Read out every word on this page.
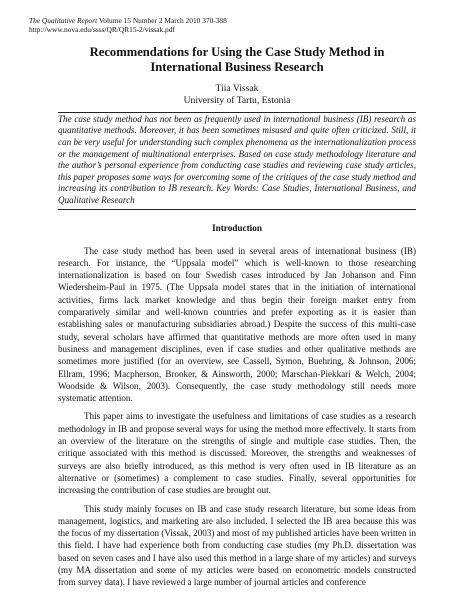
The Qualitative Report Volume 15 Number 2 March 2010 370-388
http://www.nova.edu/ssss/QR/QR15-2/vissak.pdf
Recommendations for Using the Case Study Method in
International Business Research
Tiia Vissak
University of Tartu, Estonia
The case study method has not been as frequently used in international business (IB) research as quantitative methods. Moreover, it has been sometimes misused and quite often criticized. Still, it can be very useful for understanding such complex phenomena as the internationalization process or the management of multinational enterprises. Based on case study methodology literature and the author’s personal experience from conducting case studies and reviewing case study articles, this paper proposes some ways for overcoming some of the critiques of the case study method and increasing its contribution to IB research. Key Words: Case Studies, International Business, and Qualitative Research
Introduction

The case study method has been used in several areas of international business (IB) research. For instance, the “Uppsala model” which is well-known to those researching internationalization is based on four Swedish cases introduced by Jan Johanson and Finn Wiedersheim-Paul in 1975. (The Uppsala model states that in the initiation of international activities, firms lack market knowledge and thus begin their foreign market entry from comparatively similar and well-known countries and prefer exporting as it is easier than establishing sales or manufacturing subsidiaries abroad.) Despite the success of this multi-case study, several scholars have affirmed that quantitative methods are more often used in many business and management disciplines, even if case studies and other qualitative methods are sometimes more justified (for an overview, see Cassell, Symon, Buehring, & Johnson, 2006; Ellram, 1996; Macpherson, Brooker, & Ainsworth, 2000; Marschan-Piekkari & Welch, 2004; Woodside & Wilson, 2003). Consequently, the case study methodology still needs more systematic attention.

This paper aims to investigate the usefulness and limitations of case studies as a research methodology in IB and propose several ways for using the method more effectively. It starts from an overview of the literature on the strengths of single and multiple case studies. Then, the critique associated with this method is discussed. Moreover, the strengths and weaknesses of surveys are also briefly introduced, as this method is very often used in IB literature as an alternative or (sometimes) a complement to case studies. Finally, several opportunities for increasing the contribution of case studies are brought out.

This study mainly focuses on IB and case study research literature, but some ideas from management, logistics, and marketing are also included. I selected the IB area because this was the focus of my dissertation (Vissak, 2003) and most of my published articles have been written in this field. I have had experience both from conducting case studies (my Ph.D. dissertation was based on seven cases and I have also used this method in a large share of my articles) and surveys (my MA dissertation and some of my articles were based on econometric models constructed from survey data). I have reviewed a large number of journal articles and conference
